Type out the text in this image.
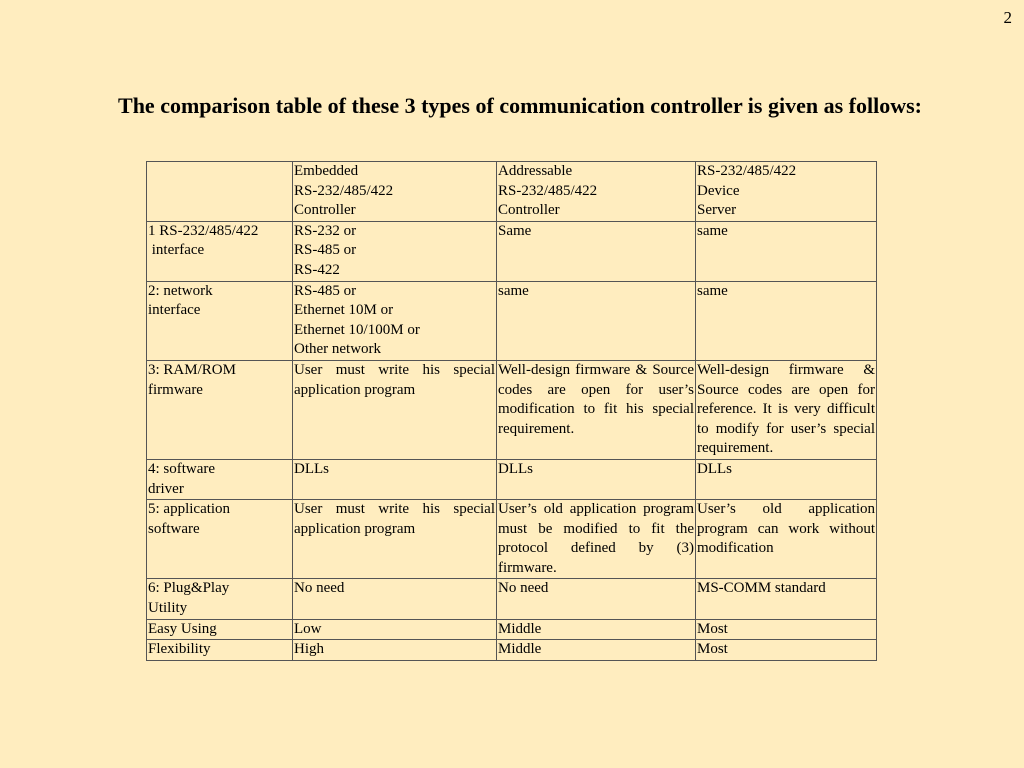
2
The comparison table of these 3 types of communication controller is given as follows:

	Embedded
RS-232/485/422
Controller	Addressable
RS-232/485/422
Controller	RS-232/485/422
Device
Server

1 RS-232/485/422
interface	RS-232 or
RS-485 or
RS-422	Same	same

2: network
interface	RS-485 or
Ethernet 10M or
Ethernet 10/100M or
Other network	same	same

3: RAM/ROM
firmware	User must write his special application program	Well-design firmware & Source codes are open for user’s modification to fit his special requirement.	Well-design firmware & Source codes are open for reference. It is very difficult to modify for user’s special requirement.

4: software
driver	DLLs	DLLs	DLLs

5: application
software	User must write his special application program	User’s old application program must be modified to fit the protocol defined by (3) firmware.	User’s old application program can work without modification

6: Plug&Play
Utility	No need	No need	MS-COMM standard

Easy Using	Low	Middle	Most

Flexibility	High	Middle	Most
